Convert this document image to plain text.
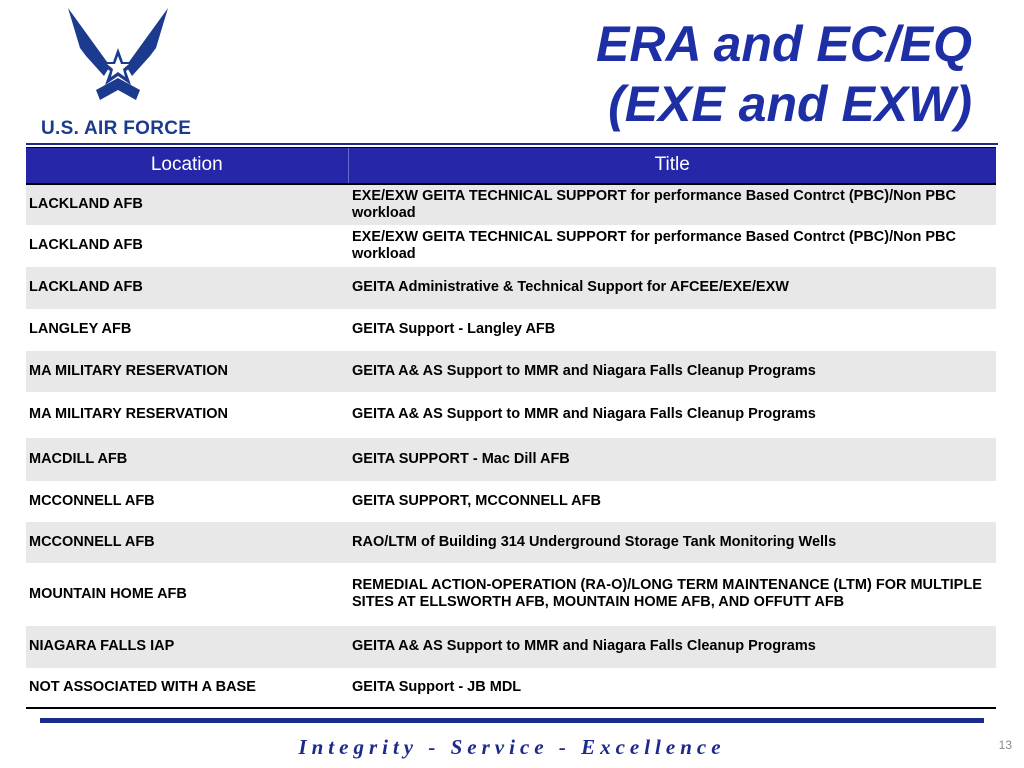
U.S. AIR FORCE
ERA and EC/EQ
(EXE and EXW)
Location	Title
LACKLAND AFB	EXE/EXW GEITA TECHNICAL SUPPORT for performance Based Contrct (PBC)/Non PBC workload
LACKLAND AFB	EXE/EXW GEITA TECHNICAL SUPPORT for performance Based Contrct (PBC)/Non PBC workload
LACKLAND AFB	GEITA Administrative & Technical Support for AFCEE/EXE/EXW
LANGLEY AFB	GEITA Support - Langley AFB
MA MILITARY RESERVATION	GEITA A& AS Support to MMR and Niagara Falls Cleanup Programs
MA MILITARY RESERVATION	GEITA A& AS Support to MMR and Niagara Falls Cleanup Programs
MACDILL AFB	GEITA SUPPORT - Mac Dill AFB
MCCONNELL AFB	GEITA SUPPORT, MCCONNELL AFB
MCCONNELL AFB	RAO/LTM of Building 314 Underground Storage Tank Monitoring Wells
MOUNTAIN HOME AFB	REMEDIAL ACTION-OPERATION (RA-O)/LONG TERM MAINTENANCE (LTM) FOR MULTIPLE SITES AT ELLSWORTH AFB, MOUNTAIN HOME AFB, AND OFFUTT AFB
NIAGARA FALLS IAP	GEITA A& AS Support to MMR and Niagara Falls Cleanup Programs
NOT ASSOCIATED WITH A BASE	GEITA Support - JB MDL
Integrity - Service - Excellence	13
